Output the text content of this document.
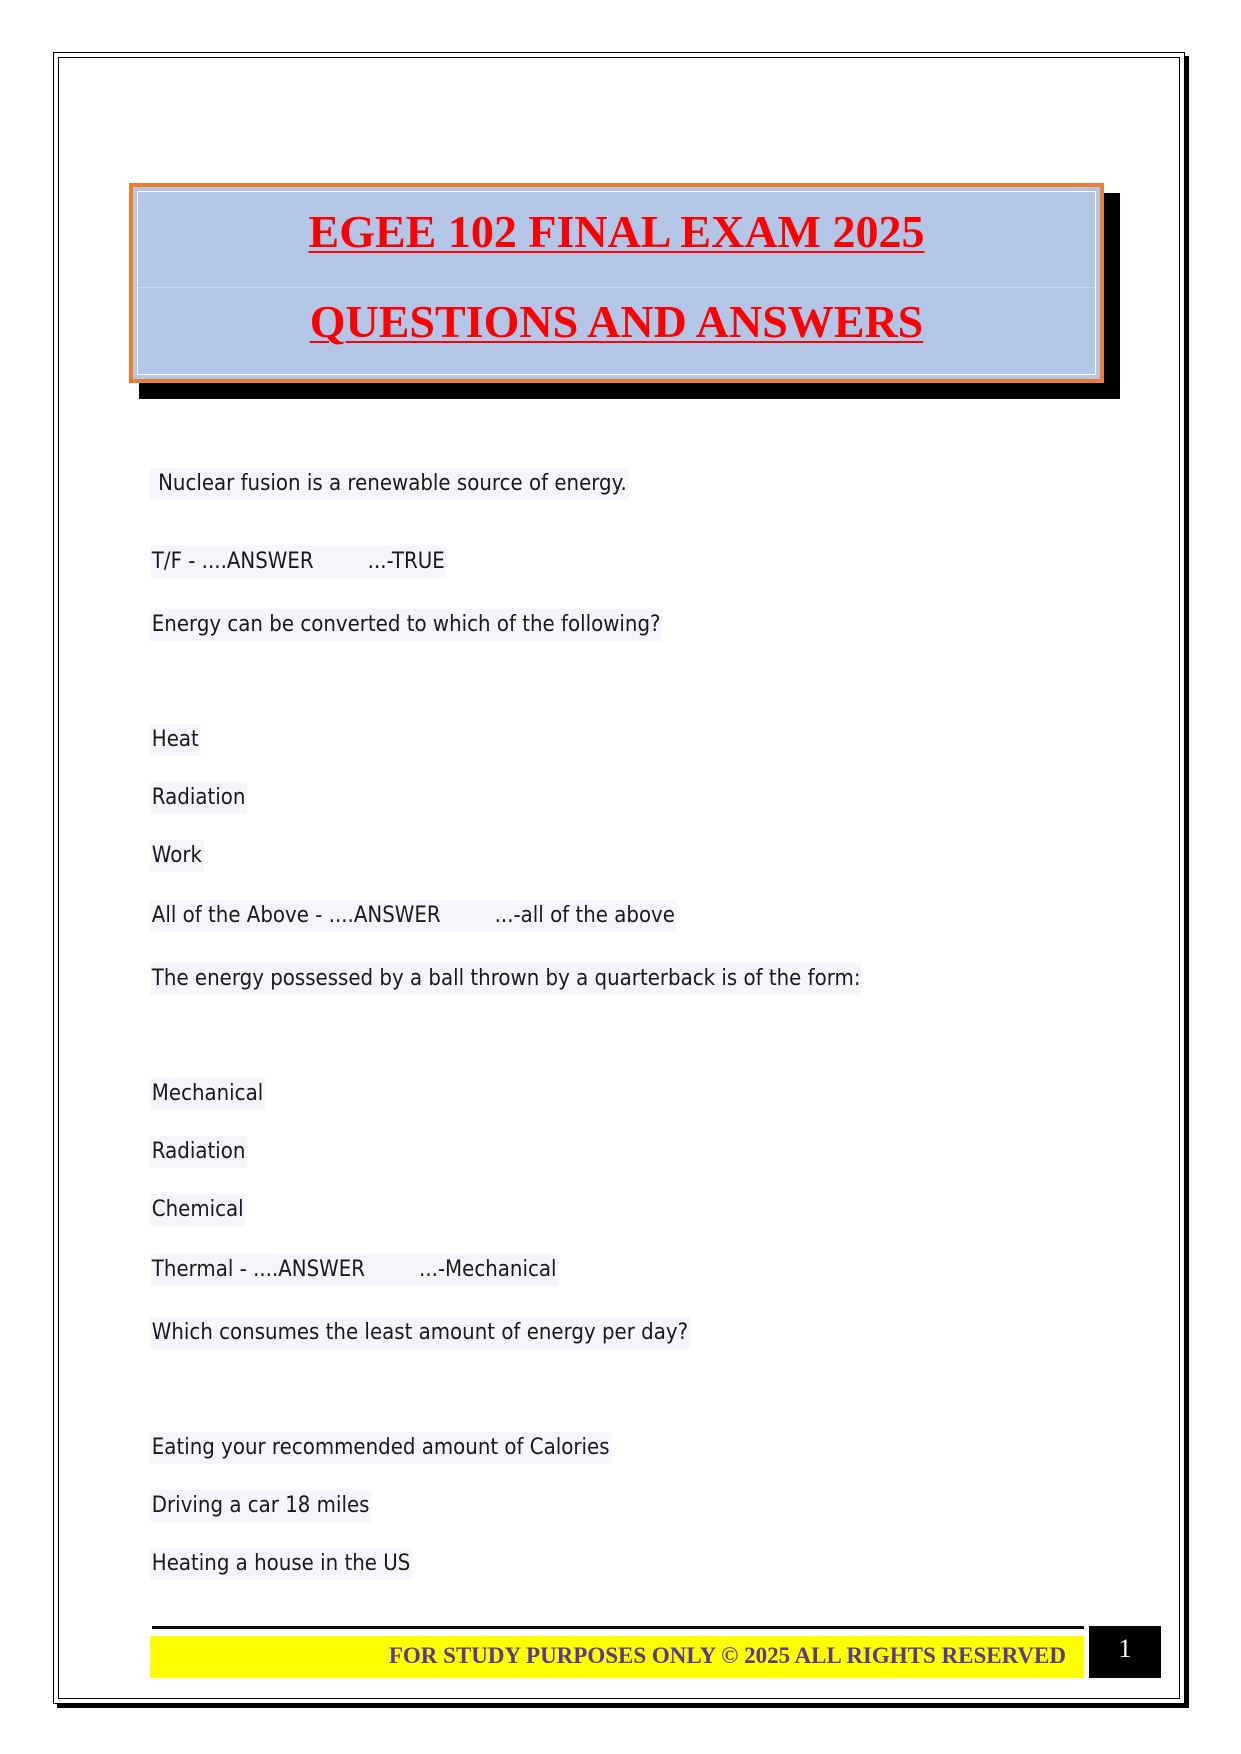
EGEE 102 FINAL EXAM 2025
QUESTIONS AND ANSWERS
Nuclear fusion is a renewable source of energy.
T/F - ....ANSWER ...-TRUE
Energy can be converted to which of the following?
Heat
Radiation
Work
All of the Above - ....ANSWER ...-all of the above
The energy possessed by a ball thrown by a quarterback is of the form:
Mechanical
Radiation
Chemical
Thermal - ....ANSWER ...-Mechanical
Which consumes the least amount of energy per day?
Eating your recommended amount of Calories
Driving a car 18 miles
Heating a house in the US
FOR STUDY PURPOSES ONLY © 2025 ALL RIGHTS RESERVED	1
